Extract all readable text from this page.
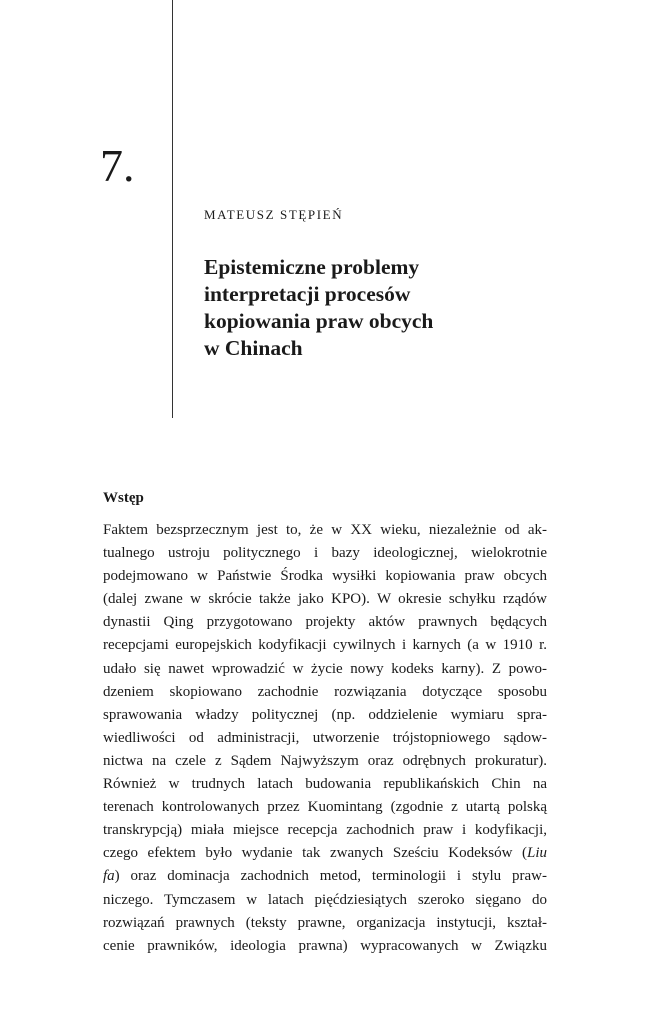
7.
MATEUSZ STĘPIEŃ
Epistemiczne problemy
interpretacji procesów
kopiowania praw obcych
w Chinach
Wstęp
Faktem bezsprzecznym jest to, że w XX wieku, niezależnie od ak-
tualnego ustroju politycznego i bazy ideologicznej, wielokrotnie
podejmowano w Państwie Środka wysiłki kopiowania praw obcych
(dalej zwane w skrócie także jako KPO). W okresie schyłku rządów
dynastii Qing przygotowano projekty aktów prawnych będących
recepcjami europejskich kodyfikacji cywilnych i karnych (a w 1910 r.
udało się nawet wprowadzić w życie nowy kodeks karny). Z powo-
dzeniem skopiowano zachodnie rozwiązania dotyczące sposobu
sprawowania władzy politycznej (np. oddzielenie wymiaru spra-
wiedliwości od administracji, utworzenie trójstopniowego sądow-
nictwa na czele z Sądem Najwyższym oraz odrębnych prokuratur).
Również w trudnych latach budowania republikańskich Chin na
terenach kontrolowanych przez Kuomintang (zgodnie z utartą polską
transkrypcją) miała miejsce recepcja zachodnich praw i kodyfikacji,
czego efektem było wydanie tak zwanych Sześciu Kodeksów (Liu
fa) oraz dominacja zachodnich metod, terminologii i stylu praw-
niczego. Tymczasem w latach pięćdziesiątych szeroko sięgano do
rozwiązań prawnych (teksty prawne, organizacja instytucji, kształ-
cenie prawników, ideologia prawna) wypracowanych w Związku
